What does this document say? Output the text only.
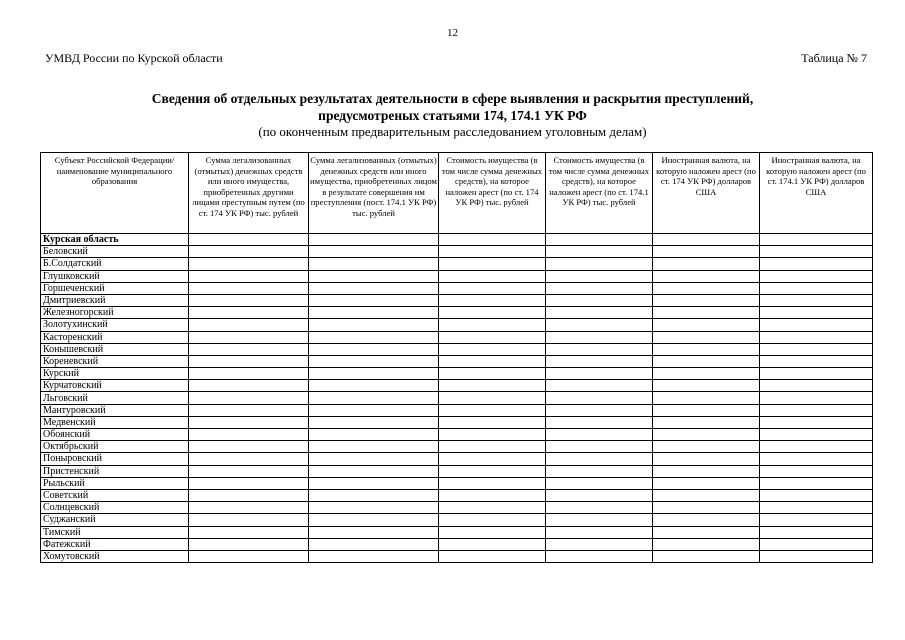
12
УМВД России по Курской области	Таблица № 7
Сведения об отдельных результатах деятельности в сфере выявления и раскрытия преступлений,
предусмотреных статьями 174, 174.1 УК РФ
(по оконченным предварительным расследованием уголовным делам)
Субъект Российской Федерации/ наименование муниципального образования	Сумма легализованных (отмытых) денежных средств или иного имущества, приобретенных другими лицами преступным путем (по ст. 174 УК РФ) тыс. рублей	Сумма легализованных (отмытых) денежных средств или иного имущества, приобретенных лицом в результате совершения им преступления (пост. 174.1 УК РФ) тыс. рублей	Стоимость имущества (в том числе сумма денежных средств), на которое наложен арест (по ст. 174 УК РФ) тыс. рублей	Стоимость имущества (в том числе сумма денежных средств), на которое наложен арест (по ст. 174.1 УК РФ) тыс. рублей	Иностранная валюта, на которую наложен арест (по ст. 174 УК РФ) долларов США	Иностранная валюта, на которую наложен арест (по ст. 174.1 УК РФ) долларов США
Курская область						
Беловский						
Б.Солдатский						
Глушковский						
Горшеченский						
Дмитриевский						
Железногорский						
Золотухинский						
Касторенский						
Конышевский						
Кореневский						
Курский						
Курчатовский						
Льговский						
Мантуровский						
Медвенский						
Обоянский						
Октябрьский						
Поныровский						
Пристенский						
Рыльский						
Советский						
Солнцевский						
Суджанский						
Тимский						
Фатежский						
Хомутовский						
